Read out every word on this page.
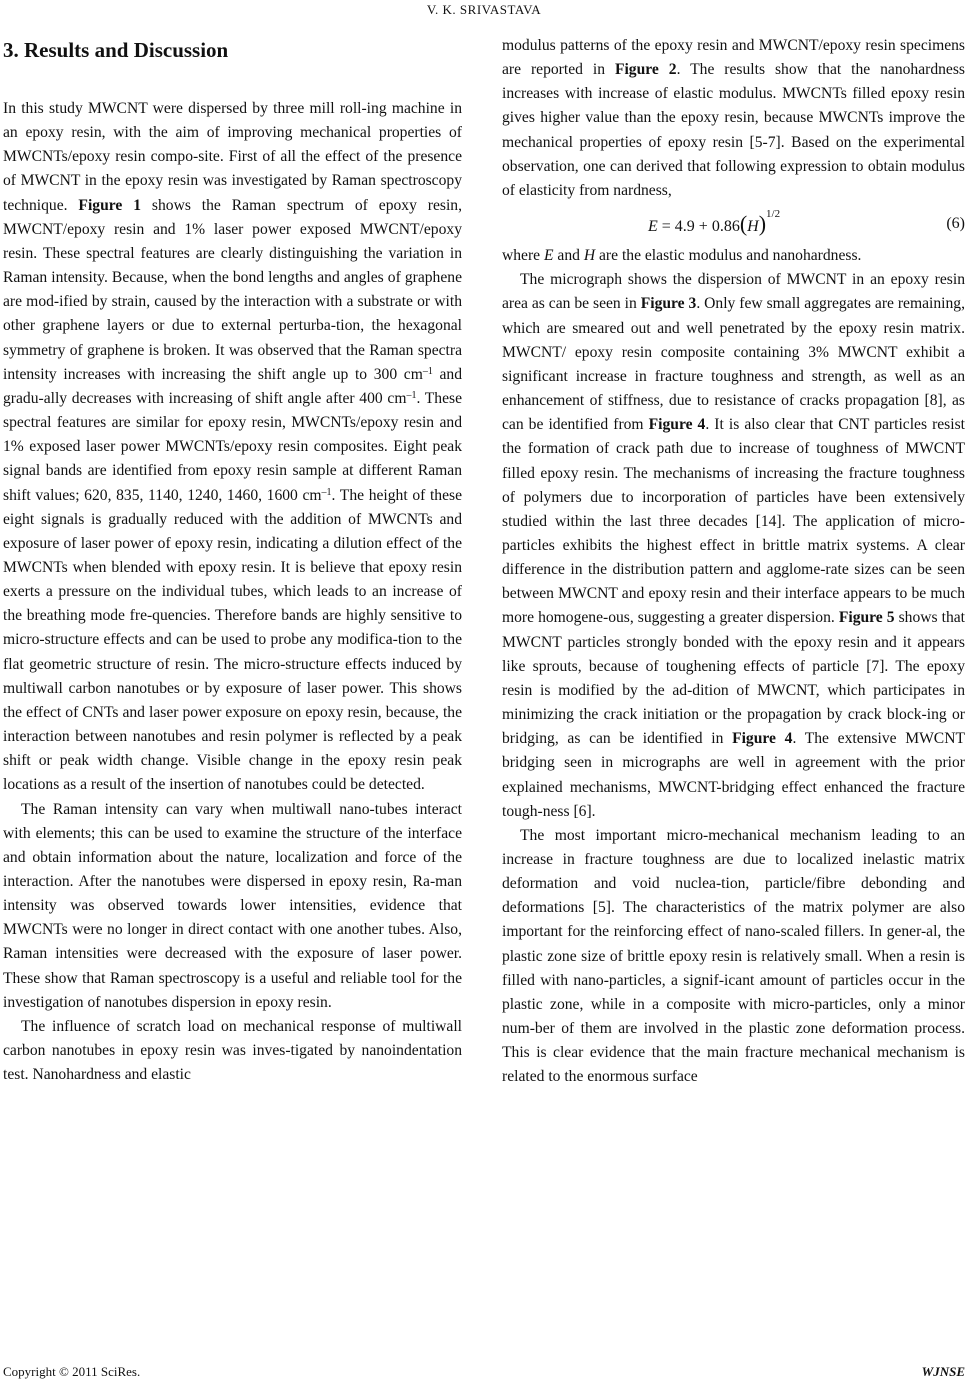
V. K. SRIVASTAVA
3. Results and Discussion

In this study MWCNT were dispersed by three mill roll-ing machine in an epoxy resin, with the aim of improving mechanical properties of MWCNTs/epoxy resin compo-site. First of all the effect of the presence of MWCNT in the epoxy resin was investigated by Raman spectroscopy technique. Figure 1 shows the Raman spectrum of epoxy resin, MWCNT/epoxy resin and 1% laser power exposed MWCNT/epoxy resin. These spectral features are clearly distinguishing the variation in Raman intensity. Because, when the bond lengths and angles of graphene are mod-ified by strain, caused by the interaction with a substrate or with other graphene layers or due to external perturba-tion, the hexagonal symmetry of graphene is broken. It was observed that the Raman spectra intensity increases with increasing the shift angle up to 300 $cm^{-1}$ and gradu-ally decreases with increasing of shift angle after 400 $cm^{-1}$. These spectral features are similar for epoxy resin, MWCNTs/epoxy resin and 1% exposed laser power MWCNTs/epoxy resin composites. Eight peak signal bands are identified from epoxy resin sample at different Raman shift values; 620, 835, 1140, 1240, 1460, 1600 $cm^{-1}$. The height of these eight signals is gradually reduced with the addition of MWCNTs and exposure of laser power of epoxy resin, indicating a dilution effect of the MWCNTs when blended with epoxy resin. It is believe that epoxy resin exerts a pressure on the individual tubes, which leads to an increase of the breathing mode fre-quencies. Therefore bands are highly sensitive to micro-structure effects and can be used to probe any modifica-tion to the flat geometric structure of resin. The micro-structure effects induced by multiwall carbon nanotubes or by exposure of laser power. This shows the effect of CNTs and laser power exposure on epoxy resin, because, the interaction between nanotubes and resin polymer is reflected by a peak shift or peak width change. Visible change in the epoxy resin peak locations as a result of the insertion of nanotubes could be detected.

The Raman intensity can vary when multiwall nano-tubes interact with elements; this can be used to examine the structure of the interface and obtain information about the nature, localization and force of the interaction. After the nanotubes were dispersed in epoxy resin, Ra-man intensity was observed towards lower intensities, evidence that MWCNTs were no longer in direct contact with one another tubes. Also, Raman intensities were decreased with the exposure of laser power. These show that Raman spectroscopy is a useful and reliable tool for the investigation of nanotubes dispersion in epoxy resin.

The influence of scratch load on mechanical response of multiwall carbon nanotubes in epoxy resin was inves-tigated by nanoindentation test. Nanohardness and elastic

modulus patterns of the epoxy resin and MWCNT/epoxy resin specimens are reported in Figure 2. The results show that the nanohardness increases with increase of elastic modulus. MWCNTs filled epoxy resin gives higher value than the epoxy resin, because MWCNTs improve the mechanical properties of epoxy resin [5-7]. Based on the experimental observation, one can derived that following expression to obtain modulus of elasticity from nardness,

E = 4.9 + 0.86(H) 1/2
(6)

where E and H are the elastic modulus and nanohardness.

The micrograph shows the dispersion of MWCNT in an epoxy resin area as can be seen in Figure 3. Only few small aggregates are remaining, which are smeared out and well penetrated by the epoxy resin matrix. MWCNT/ epoxy resin composite containing 3% MWCNT exhibit a significant increase in fracture toughness and strength, as well as an enhancement of stiffness, due to resistance of cracks propagation [8], as can be identified from Figure 4. It is also clear that CNT particles resist the formation of crack path due to increase of toughness of MWCNT filled epoxy resin. The mechanisms of increasing the fracture toughness of polymers due to incorporation of particles have been extensively studied within the last three decades [14]. The application of micro-particles exhibits the highest effect in brittle matrix systems. A clear difference in the distribution pattern and agglome-rate sizes can be seen between MWCNT and epoxy resin and their interface appears to be much more homogene-ous, suggesting a greater dispersion. Figure 5 shows that MWCNT particles strongly bonded with the epoxy resin and it appears like sprouts, because of toughening effects of particle [7]. The epoxy resin is modified by the ad-dition of MWCNT, which participates in minimizing the crack initiation or the propagation by crack block-ing or bridging, as can be identified in Figure 4. The extensive MWCNT bridging seen in micrographs are well in agreement with the prior explained mechanisms, MWCNT-bridging effect enhanced the fracture tough-ness [6].

The most important micro-mechanical mechanism leading to an increase in fracture toughness are due to localized inelastic matrix deformation and void nuclea-tion, particle/fibre debonding and deformations [5]. The characteristics of the matrix polymer are also important for the reinforcing effect of nano-scaled fillers. In gener-al, the plastic zone size of brittle epoxy resin is relatively small. When a resin is filled with nano-particles, a signif-icant amount of particles occur in the plastic zone, while in a composite with micro-particles, only a minor num-ber of them are involved in the plastic zone deformation process. This is clear evidence that the main fracture mechanical mechanism is related to the enormous surface

Copyright © 2011 SciRes.	WJNSE
